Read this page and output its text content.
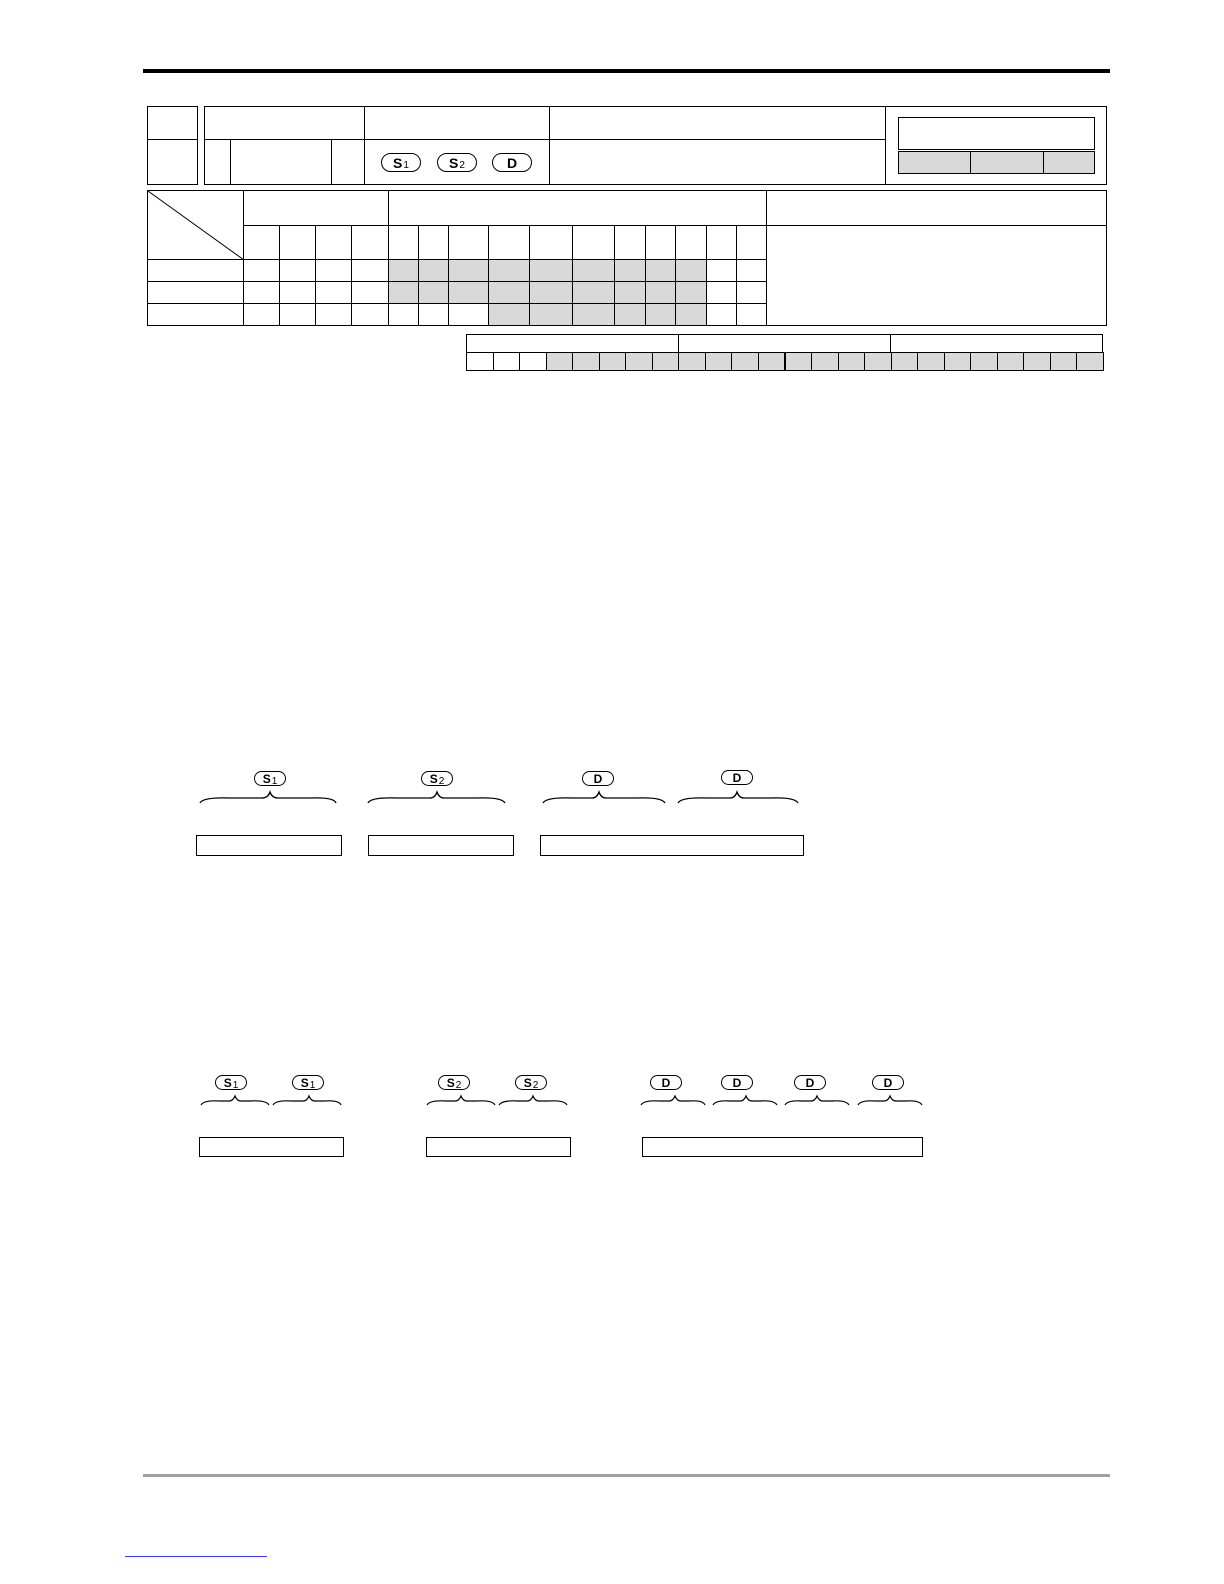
S 1	S 2	D
S 1	S 2	D	D
S 1	S 1	S 2	S 2	D	D	D	D
